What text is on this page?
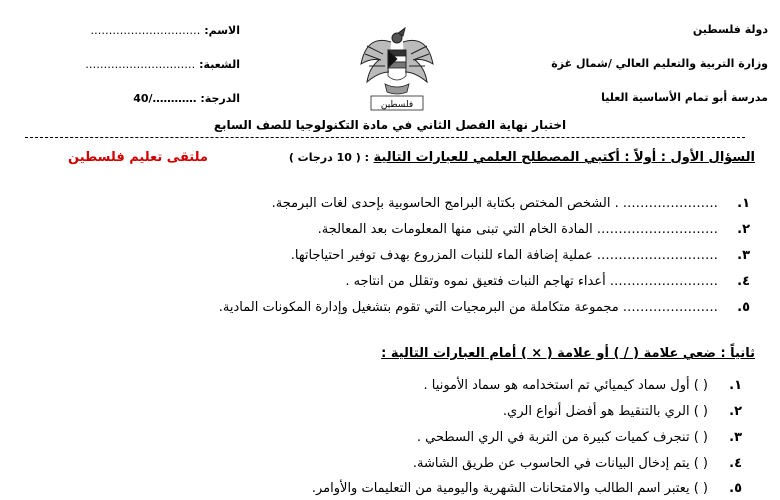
دولة فلسطين
وزارة التربية والتعليم العالي /شمال غزة
مدرسة أبو تمام الأساسية العليا
فلسطين
الاسم: …………………………
الشعبة: …………………………
الدرجة: …………/40
اختبار نهاية الفصل الثاني في مادة التكنولوجيا للصف السابع
السؤال الأول : أولاً : أكتبي المصطلح العلمي للعبارات التالية : ( 10 درجات )
ملتقى تعليم فلسطين
١.
…………………. . الشخص المختص بكتابة البرامج الحاسوبية بإحدى لغات البرمجة.
٢.
………………………. المادة الخام التي تبنى منها المعلومات بعد المعالجة.
٣.
………………………. عملية إضافة الماء للنبات المزروع بهدف توفير احتياجاتها.
٤.
……………………. أعداء تهاجم النبات فتعيق نموه وتقلل من انتاجه .
٥.
…………………. مجموعة متكاملة من البرمجيات التي تقوم بتشغيل وإدارة المكونات المادية.
ثانياً : ضعي علامة ( / ) أو علامة ( × ) أمام العبارات التالية :
١.
( ) أول سماد كيميائي تم استخدامه هو سماد الأمونيا .
٢.
( ) الري بالتنقيط هو أفضل أنواع الري.
٣.
( ) تنجرف كميات كبيرة من التربة في الري السطحي .
٤.
( ) يتم إدخال البيانات في الحاسوب عن طريق الشاشة.
٥.
( ) يعتبر اسم الطالب والامتحانات الشهرية واليومية من التعليمات والأوامر.
